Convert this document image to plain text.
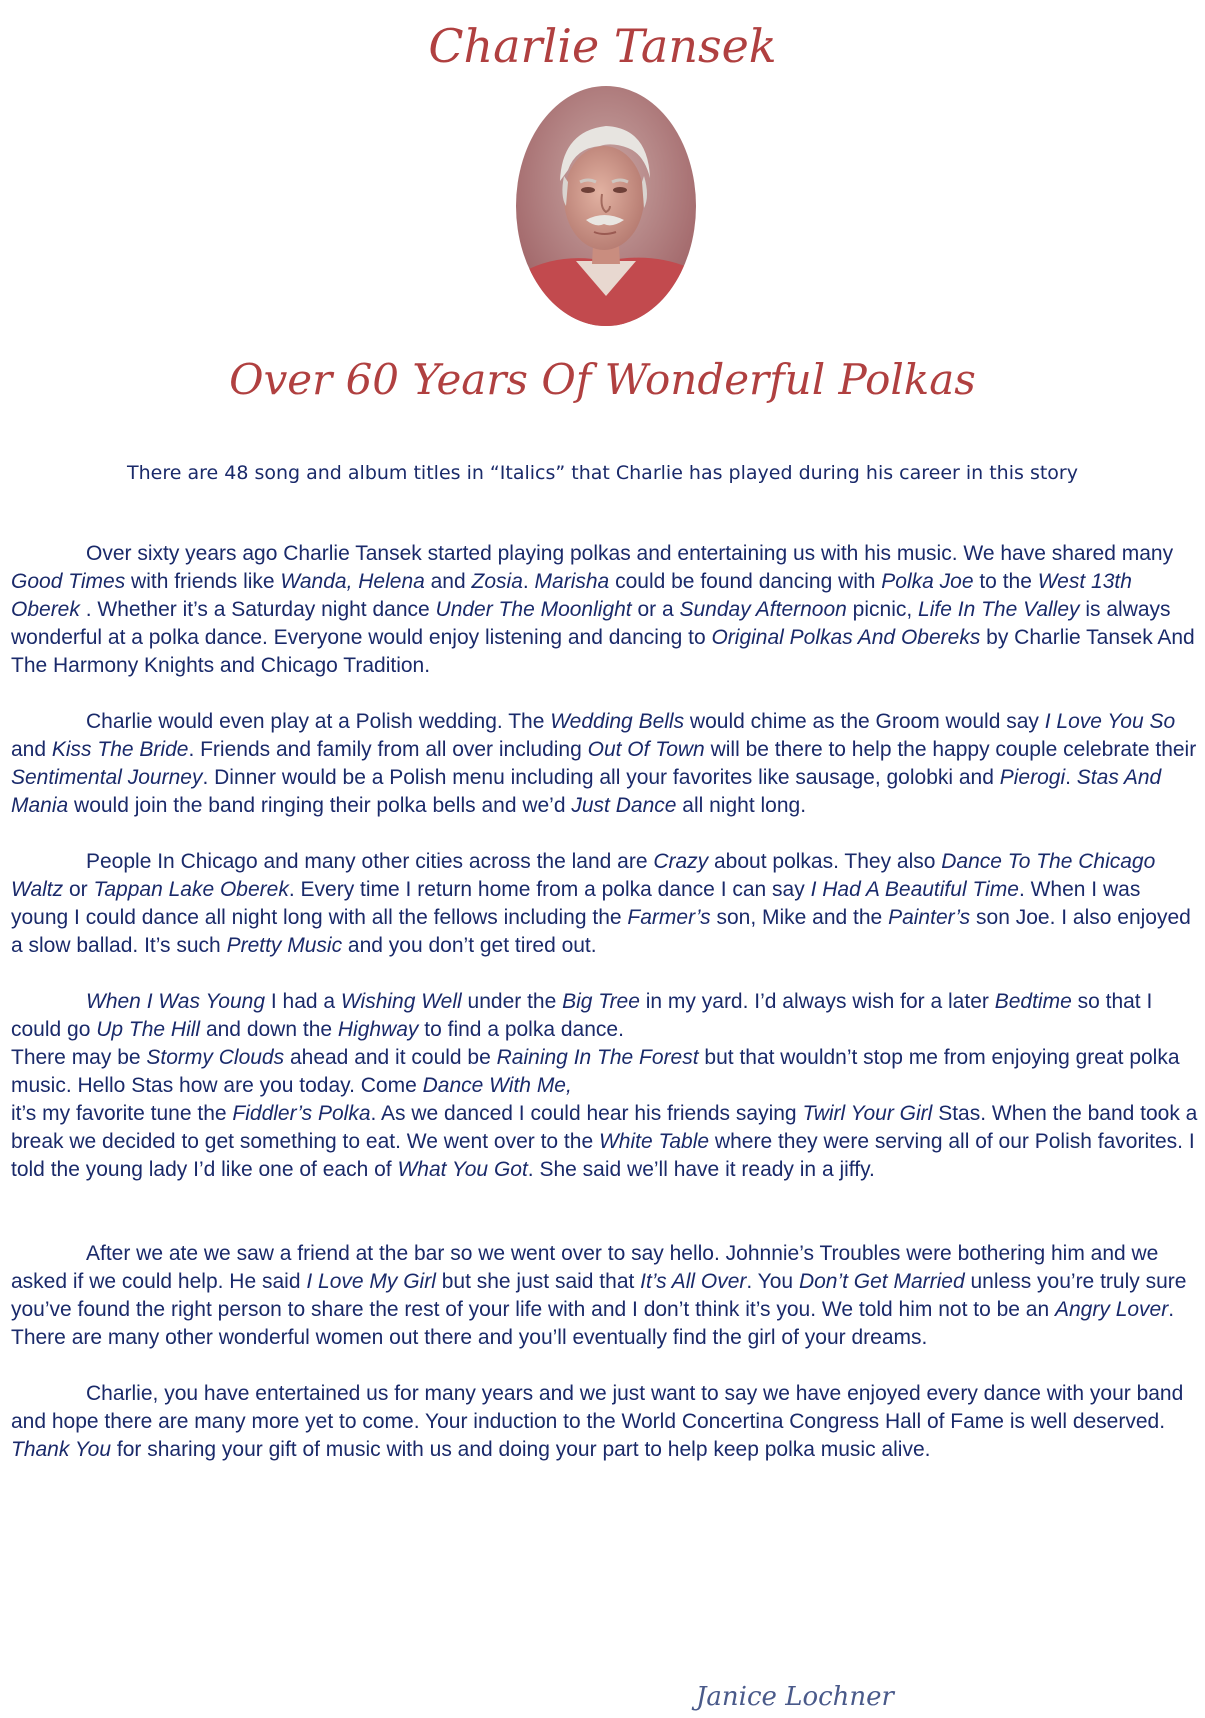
Charlie Tansek
Over 60 Years Of Wonderful Polkas

There are 48 song and album titles in “Italics” that Charlie has played during his career in this story

Over sixty years ago Charlie Tansek started playing polkas and entertaining us with his music. We have shared many Good Times with friends like Wanda, Helena and Zosia. Marisha could be found dancing with Polka Joe to the West 13th Oberek . Whether it’s a Saturday night dance Under The Moonlight or a Sunday Afternoon picnic, Life In The Valley is always wonderful at a polka dance. Everyone would enjoy listening and dancing to Original Polkas And Obereks by Charlie Tansek And The Harmony Knights and Chicago Tradition.

Charlie would even play at a Polish wedding. The Wedding Bells would chime as the Groom would say I Love You So and Kiss The Bride. Friends and family from all over including Out Of Town will be there to help the happy couple celebrate their Sentimental Journey. Dinner would be a Polish menu including all your favorites like sausage, golobki and Pierogi. Stas And Mania would join the band ringing their polka bells and we’d Just Dance all night long.

People In Chicago and many other cities across the land are Crazy about polkas. They also Dance To The Chicago Waltz or Tappan Lake Oberek. Every time I return home from a polka dance I can say I Had A Beautiful Time. When I was young I could dance all night long with all the fellows including the Farmer’s son, Mike and the Painter’s son Joe. I also enjoyed a slow ballad. It’s such Pretty Music and you don’t get tired out.

When I Was Young I had a Wishing Well under the Big Tree in my yard. I’d always wish for a later Bedtime so that I could go Up The Hill and down the Highway to find a polka dance.
There may be Stormy Clouds ahead and it could be Raining In The Forest but that wouldn’t stop me from enjoying great polka music. Hello Stas how are you today. Come Dance With Me,
it’s my favorite tune the Fiddler’s Polka. As we danced I could hear his friends saying Twirl Your Girl Stas. When the band took a break we decided to get something to eat. We went over to the White Table where they were serving all of our Polish favorites. I told the young lady I’d like one of each of What You Got. She said we’ll have it ready in a jiffy.

After we ate we saw a friend at the bar so we went over to say hello. Johnnie’s Troubles were bothering him and we asked if we could help. He said I Love My Girl but she just said that It’s All Over. You Don’t Get Married unless you’re truly sure you’ve found the right person to share the rest of your life with and I don’t think it’s you. We told him not to be an Angry Lover. There are many other wonderful women out there and you’ll eventually find the girl of your dreams.

Charlie, you have entertained us for many years and we just want to say we have enjoyed every dance with your band and hope there are many more yet to come. Your induction to the World Concertina Congress Hall of Fame is well deserved. Thank You for sharing your gift of music with us and doing your part to help keep polka music alive.

Janice Lochner
